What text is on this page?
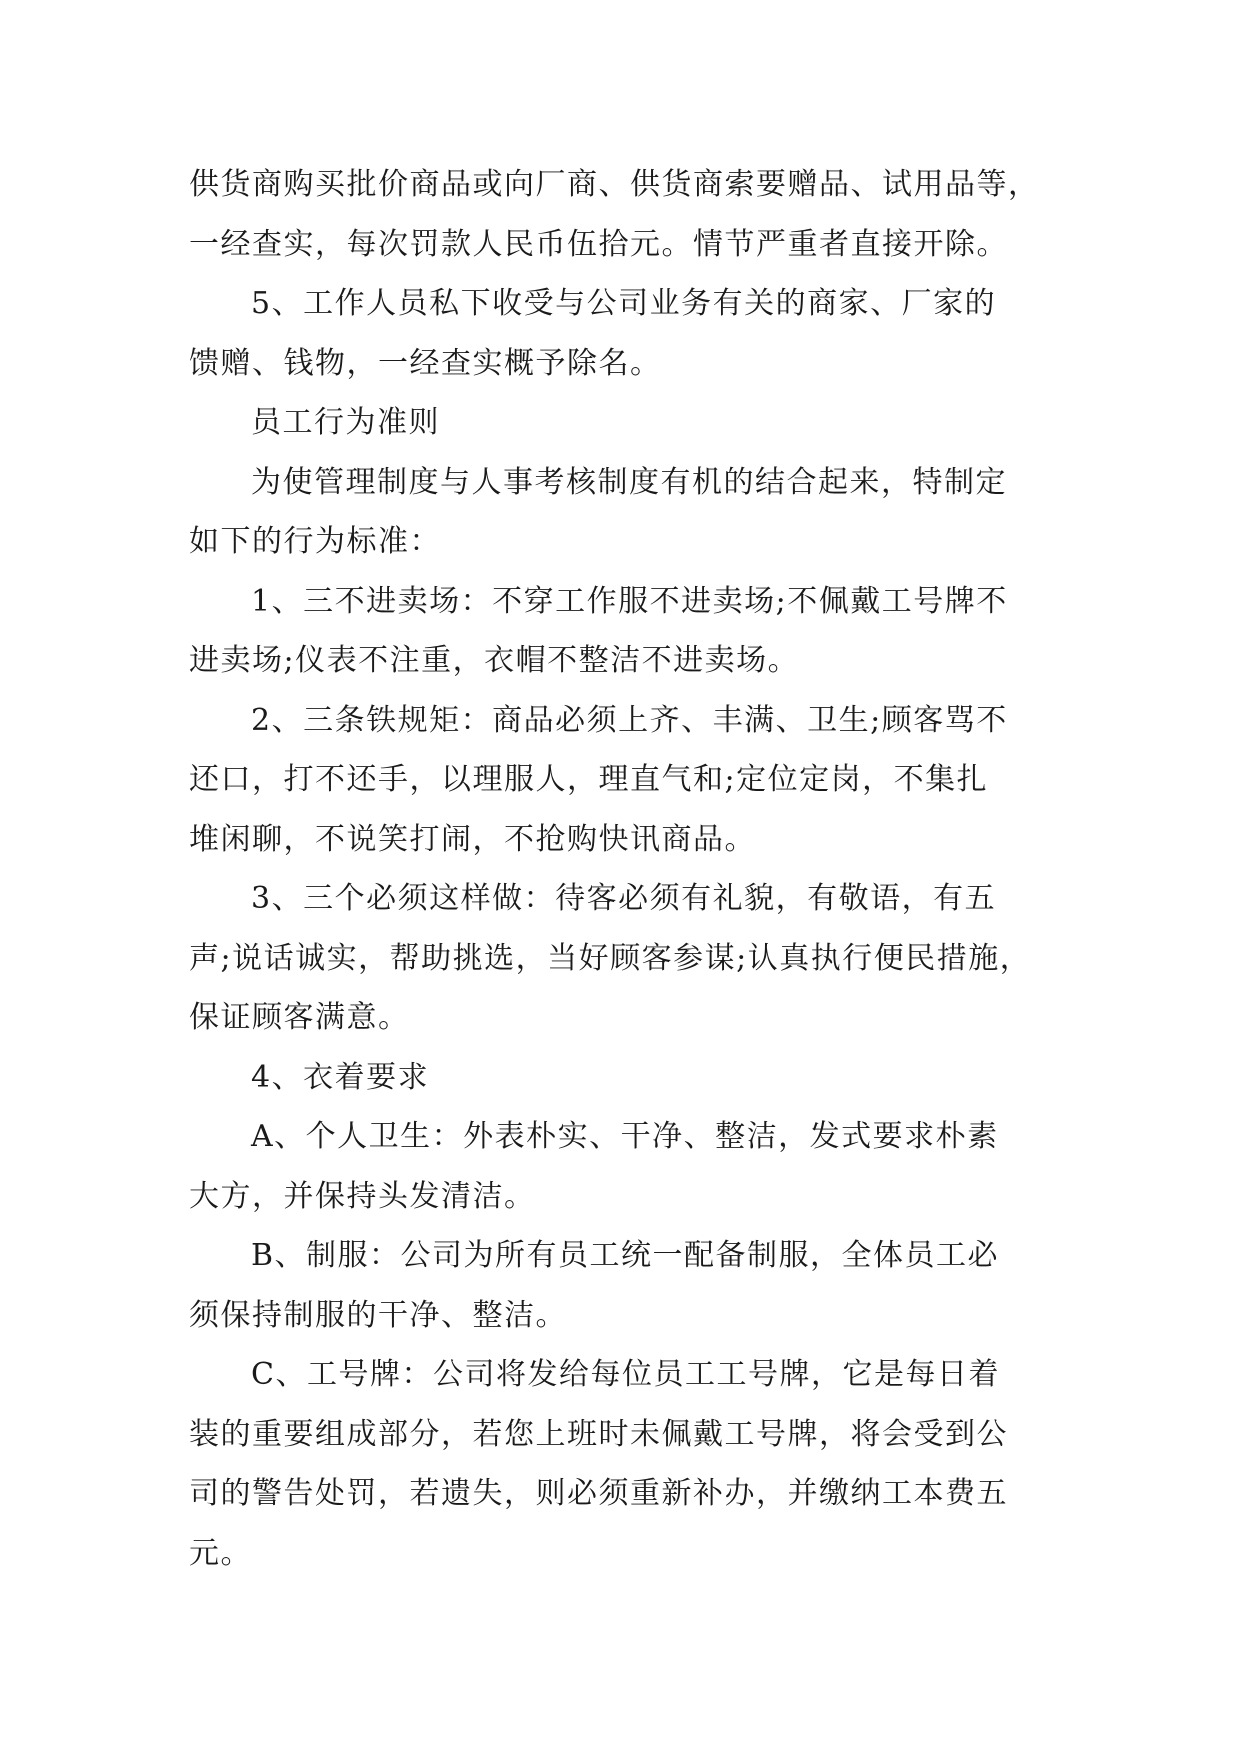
供货商购买批价商品或向厂商、供货商索要赠品、试用品等，
一经查实，每次罚款人民币伍拾元。情节严重者直接开除。
5、工作人员私下收受与公司业务有关的商家、厂家的
馈赠、钱物，一经查实概予除名。
员工行为准则
为使管理制度与人事考核制度有机的结合起来，特制定
如下的行为标准：
1、三不进卖场：不穿工作服不进卖场;不佩戴工号牌不
进卖场;仪表不注重，衣帽不整洁不进卖场。
2、三条铁规矩：商品必须上齐、丰满、卫生;顾客骂不
还口，打不还手，以理服人，理直气和;定位定岗，不集扎
堆闲聊，不说笑打闹，不抢购快讯商品。
3、三个必须这样做：待客必须有礼貌，有敬语，有五
声;说话诚实，帮助挑选，当好顾客参谋;认真执行便民措施，
保证顾客满意。
4、衣着要求
A、个人卫生：外表朴实、干净、整洁，发式要求朴素
大方，并保持头发清洁。
B、制服：公司为所有员工统一配备制服，全体员工必
须保持制服的干净、整洁。
C、工号牌：公司将发给每位员工工号牌，它是每日着
装的重要组成部分，若您上班时未佩戴工号牌，将会受到公
司的警告处罚，若遗失，则必须重新补办，并缴纳工本费五
元。
